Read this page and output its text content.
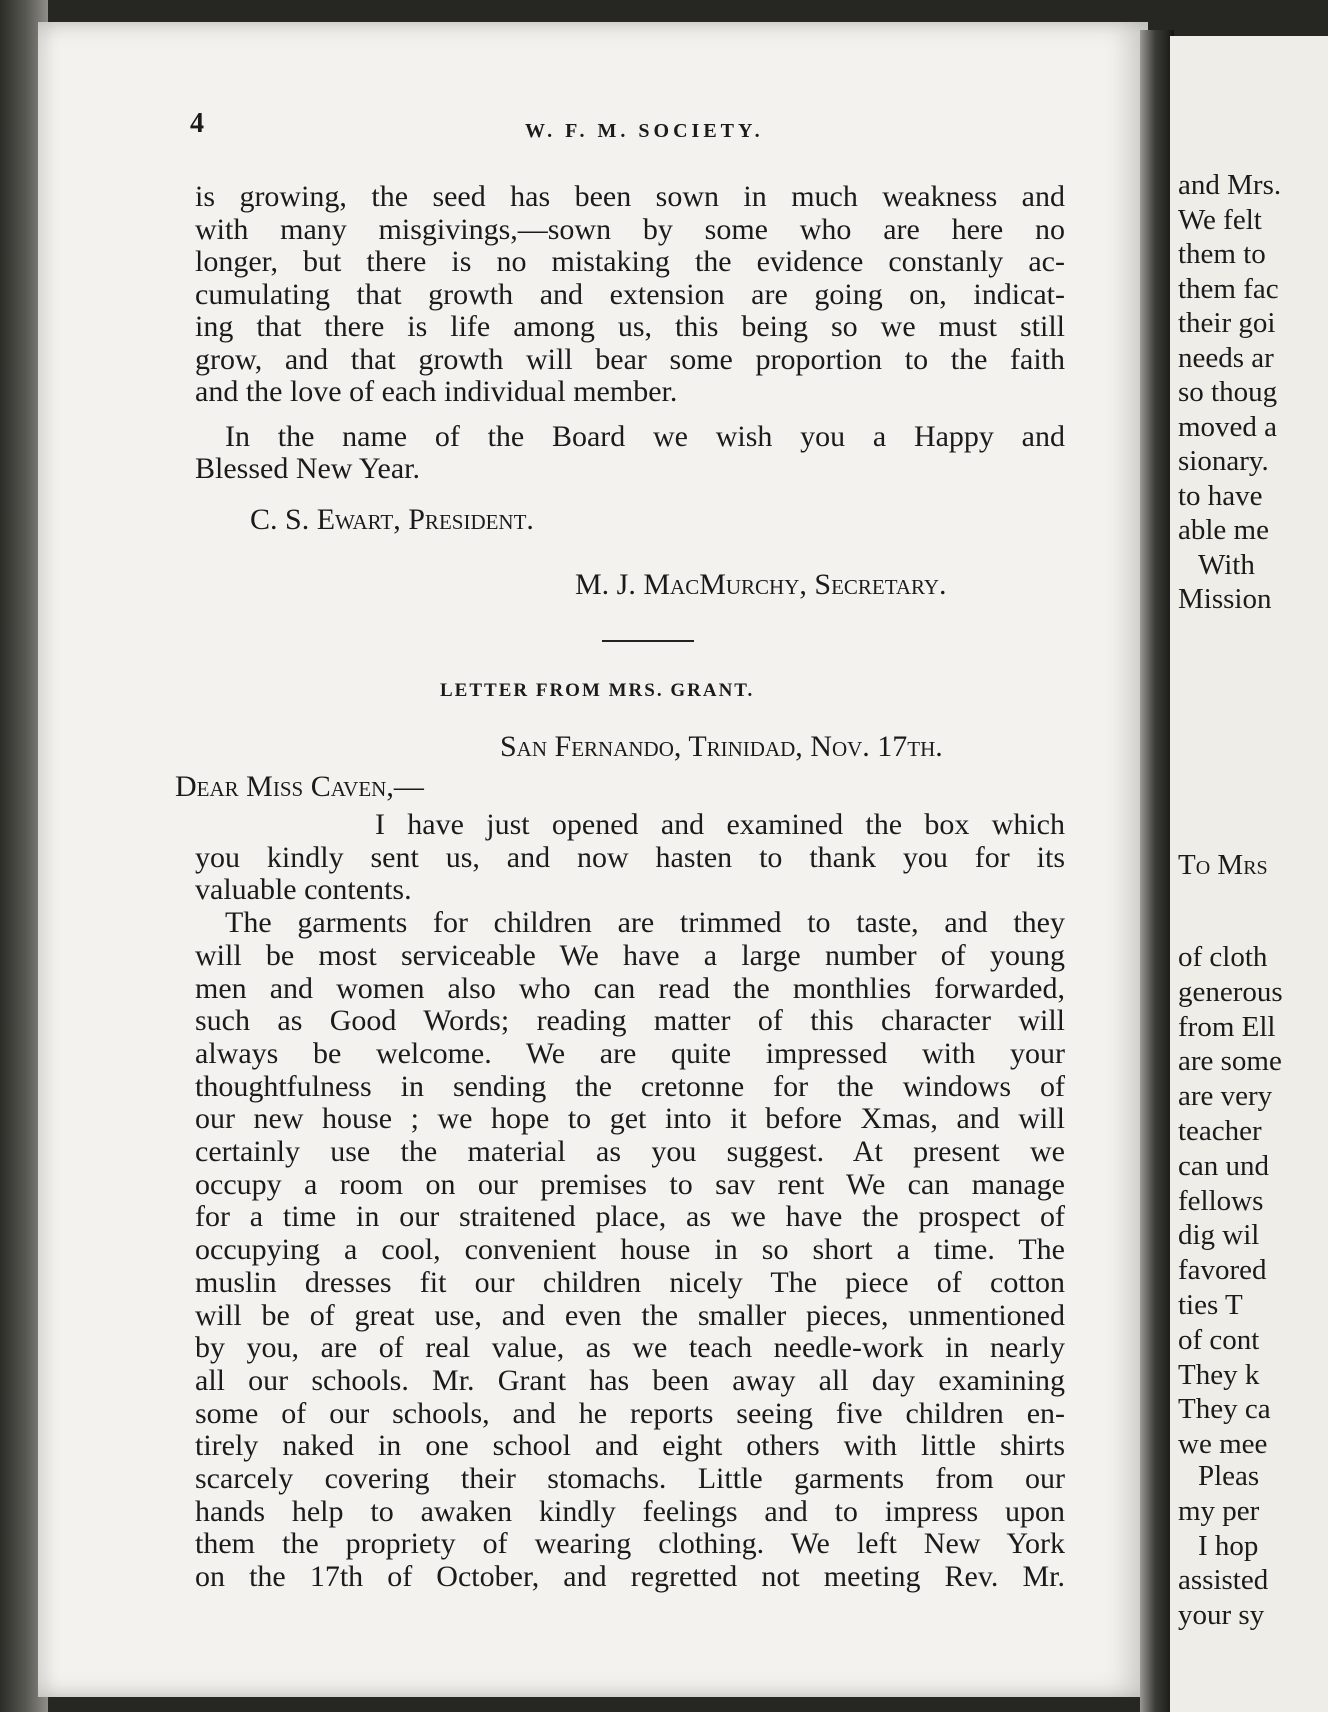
and Mrs.
We felt
them to
them fac
their goi
needs ar
so thoug
moved a
sionary.
to have
able me
With
Mission
To Mrs
of cloth
generous
from Ell
are some
are very
teacher
can und
fellows
dig wil
favored
ties T
of cont
They k
They ca
we mee
Pleas
my per
I hop
assisted
your sy
4	W. F. M. SOCIETY.
is growing, the seed has been sown in much weakness and
with many misgivings,—sown by some who are here no
longer, but there is no mistaking the evidence constanly ac-
cumulating that growth and extension are going on, indicat-
ing that there is life among us, this being so we must still
grow, and that growth will bear some proportion to the faith
and the love of each individual member.
In the name of the Board we wish you a Happy and
Blessed New Year.
C. S. Ewart, President.
M. J. MacMurchy, Secretary.
LETTER FROM MRS. GRANT.
San Fernando, Trinidad, Nov. 17th.
Dear Miss Caven,—
I have just opened and examined the box which
you kindly sent us, and now hasten to thank you for its
valuable contents.
The garments for children are trimmed to taste, and they
will be most serviceable We have a large number of young
men and women also who can read the monthlies forwarded,
such as Good Words; reading matter of this character will
always be welcome. We are quite impressed with your
thoughtfulness in sending the cretonne for the windows of
our new house ; we hope to get into it before Xmas, and will
certainly use the material as you suggest. At present we
occupy a room on our premises to sav rent We can manage
for a time in our straitened place, as we have the prospect of
occupying a cool, convenient house in so short a time. The
muslin dresses fit our children nicely The piece of cotton
will be of great use, and even the smaller pieces, unmentioned
by you, are of real value, as we teach needle-work in nearly
all our schools. Mr. Grant has been away all day examining
some of our schools, and he reports seeing five children en-
tirely naked in one school and eight others with little shirts
scarcely covering their stomachs. Little garments from our
hands help to awaken kindly feelings and to impress upon
them the propriety of wearing clothing. We left New York
on the 17th of October, and regretted not meeting Rev. Mr.
